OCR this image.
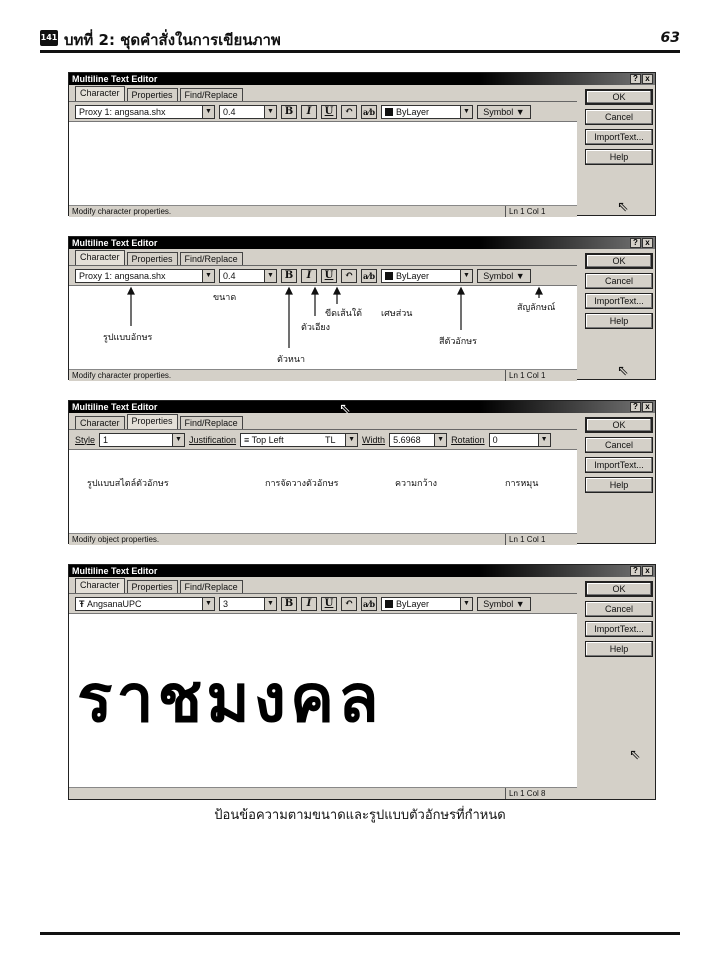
141 บทที่ 2: ชุดคำสั่งในการเขียนภาพ	63
Multiline Text Editor	? x
Character	Properties	Find/Replace
Proxy 1: angsana.shx	▼	0.4	▼	B	I	U	↶	a⁄b	ByLayer	▼	Symbol ▼
Modify character properties.	Ln 1 Col 1
OK
Cancel
ImportText...
Help
⇖
Multiline Text Editor	? x
Character	Properties	Find/Replace
Proxy 1: angsana.shx	▼	0.4	▼	B	I	U	↶	a⁄b	ByLayer	▼	Symbol ▼
ขนาด
รูปแบบอักษร
ตัวหนา
ตัวเอียง
ขีดเส้นใต้ เศษส่วน
สีตัวอักษร
สัญลักษณ์
Modify character properties.	Ln 1 Col 1
OK
Cancel
ImportText...
Help
⇖
Multiline Text Editor	? x
Character	Properties	Find/Replace
Style 1	▼ Justification ≡ Top Left	TL	▼ Width 5.6968	▼ Rotation 0	▼
รูปแบบสไตล์ตัวอักษร	การจัดวางตัวอักษร	ความกว้าง	การหมุน
Modify object properties.	Ln 1 Col 1
OK
Cancel
ImportText...
Help
⇖
Multiline Text Editor	? x
Character	Properties	Find/Replace
Ŧ AngsanaUPC	▼	3	▼	B	I	U	↶	a⁄b	ByLayer	▼	Symbol ▼
ราชมงคล
Ln 1 Col 8
OK
Cancel
ImportText...
Help
⇖
ป้อนข้อความตามขนาดและรูปแบบตัวอักษรที่กำหนด
